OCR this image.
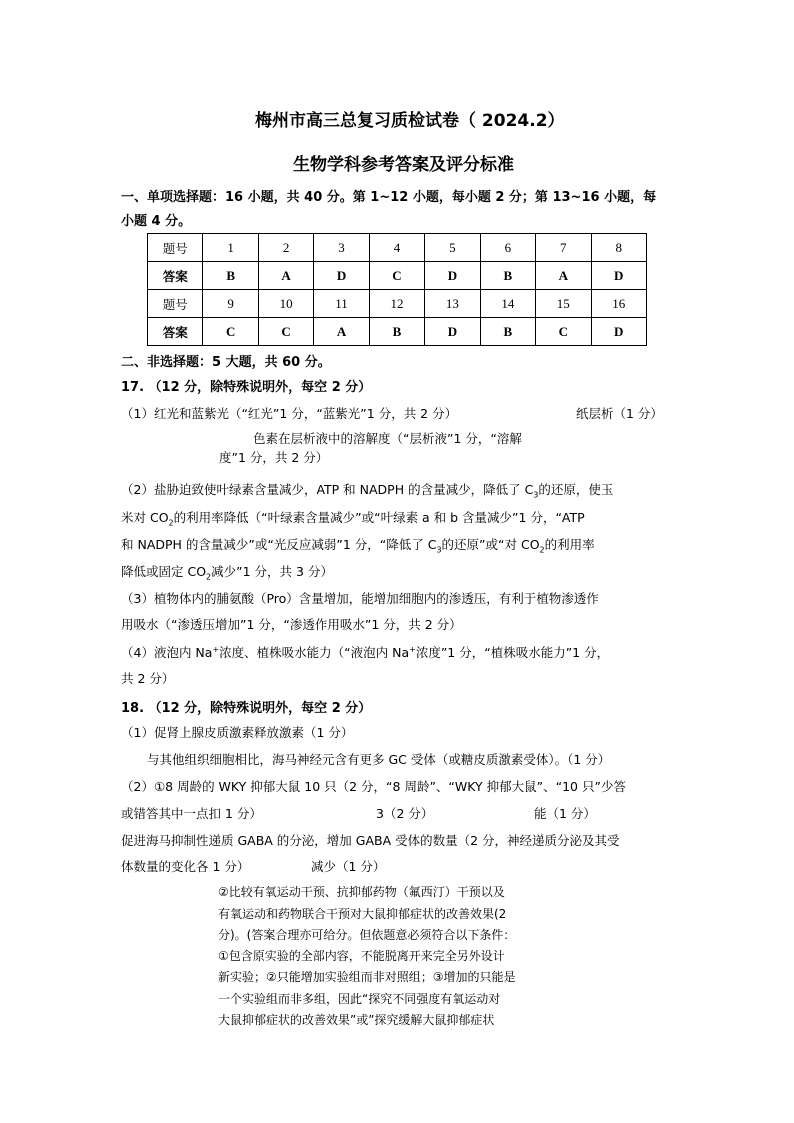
梅州市高三总复习质检试卷（ 2024.2）
生物学科参考答案及评分标准
一、单项选择题：16 小题，共 40 分。第 1~12 小题，每小题 2 分；第 13~16 小题，每
小题 4 分。
题号	1	2	3	4	5	6	7	8
答案	B	A	D	C	D	B	A	D
题号	9	10	11	12	13	14	15	16
答案	C	C	A	B	D	B	C	D
二、非选择题：5 大题，共 60 分。
17. （12 分，除特殊说明外，每空 2 分）
（1）红光和蓝紫光（“红光”1 分，“蓝紫光”1 分，共 2 分）	纸层析（1 分）
色素在层析液中的溶解度（“层析液”1 分，“溶解
度”1 分，共 2 分）
（2）盐胁迫致使叶绿素含量减少，ATP 和 NADPH 的含量减少，降低了 $C_3$的还原，使玉
米对 $CO_2$的利用率降低（“叶绿素含量减少”或“叶绿素 a 和 b 含量减少”1 分，“ATP
和 NADPH 的含量减少”或“光反应减弱”1 分，“降低了 $C_3$的还原”或“对 $CO_2$的利用率
降低或固定 $CO_2$减少”1 分，共 3 分）
（3）植物体内的脯氨酸（Pro）含量增加，能增加细胞内的渗透压，有利于植物渗透作
用吸水（“渗透压增加”1 分，“渗透作用吸水”1 分，共 2 分）
（4）液泡内 Na+浓度、植株吸水能力（“液泡内 Na+浓度”1 分，“植株吸水能力”1 分，
共 2 分）
18. （12 分，除特殊说明外，每空 2 分）
（1）促肾上腺皮质激素释放激素（1 分）
与其他组织细胞相比，海马神经元含有更多 GC 受体（或糖皮质激素受体）。（1 分）
（2）①8 周龄的 WKY 抑郁大鼠 10 只（2 分，“8 周龄”、“WKY 抑郁大鼠”、“10 只”少答
或错答其中一点扣 1 分）	3（2 分）	能（1 分）
促进海马抑制性递质 GABA 的分泌，增加 GABA 受体的数量（2 分，神经递质分泌及其受
体数量的变化各 1 分）	减少（1 分）
②比较有氧运动干预、抗抑郁药物（氟西汀）干预以及
有氧运动和药物联合干预对大鼠抑郁症状的改善效果(2
分)。(答案合理亦可给分。但依题意必须符合以下条件：
①包含原实验的全部内容，不能脱离开来完全另外设计
新实验；②只能增加实验组而非对照组；③增加的只能是
一个实验组而非多组，因此“探究不同强度有氧运动对
大鼠抑郁症状的改善效果”或”探究缓解大鼠抑郁症状
